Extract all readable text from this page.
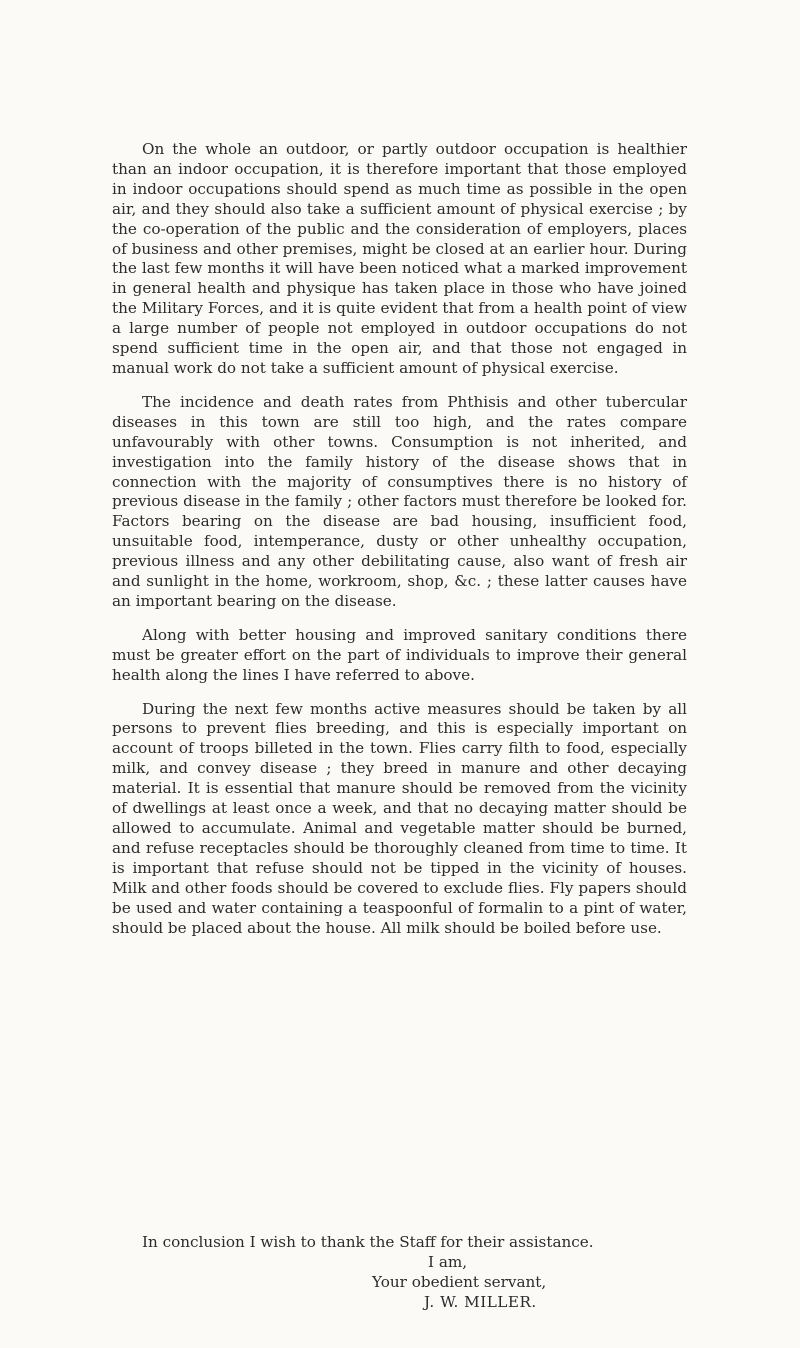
On the whole an outdoor, or partly outdoor occupation is healthier than an indoor occupation, it is therefore important that those employed in indoor occupations should spend as much time as possible in the open air, and they should also take a sufficient amount of physical exercise ; by the co-operation of the public and the consideration of employers, places of business and other premises, might be closed at an earlier hour. During the last few months it will have been noticed what a marked improvement in general health and physique has taken place in those who have joined the Military Forces, and it is quite evident that from a health point of view a large number of people not employed in outdoor occupations do not spend sufficient time in the open air, and that those not engaged in manual work do not take a sufficient amount of physical exercise.

The incidence and death rates from Phthisis and other tubercular diseases in this town are still too high, and the rates compare unfavourably with other towns. Consumption is not inherited, and investigation into the family history of the disease shows that in connection with the majority of consumptives there is no history of previous disease in the family ; other factors must therefore be looked for. Factors bearing on the disease are bad housing, insufficient food, unsuitable food, intemperance, dusty or other unhealthy occupation, previous illness and any other debilitating cause, also want of fresh air and sunlight in the home, workroom, shop, &c. ; these latter causes have an important bearing on the disease.

Along with better housing and improved sanitary conditions there must be greater effort on the part of individuals to improve their general health along the lines I have referred to above.

During the next few months active measures should be taken by all persons to prevent flies breeding, and this is especially important on account of troops billeted in the town. Flies carry filth to food, especially milk, and convey disease ; they breed in manure and other decaying material. It is essential that manure should be removed from the vicinity of dwellings at least once a week, and that no decaying matter should be allowed to accumulate. Animal and vegetable matter should be burned, and refuse receptacles should be thoroughly cleaned from time to time. It is important that refuse should not be tipped in the vicinity of houses. Milk and other foods should be covered to exclude flies. Fly papers should be used and water containing a teaspoonful of formalin to a pint of water, should be placed about the house. All milk should be boiled before use.

In conclusion I wish to thank the Staff for their assistance.
I am,
Your obedient servant,
J. W. MILLER.
